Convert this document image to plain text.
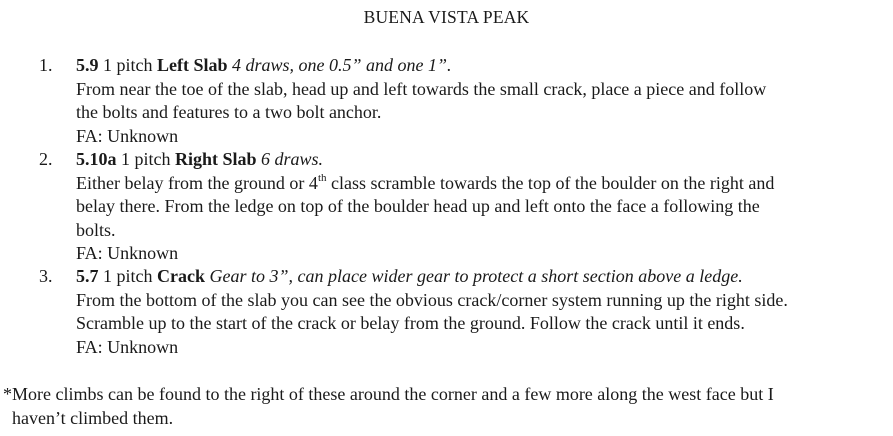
BUENA VISTA PEAK
1. 5.9 1 pitch Left Slab 4 draws, one 0.5” and one 1”.
From near the toe of the slab, head up and left towards the small crack, place a piece and follow
the bolts and features to a two bolt anchor.
FA: Unknown
2. 5.10a 1 pitch Right Slab 6 draws.
Either belay from the ground or 4th class scramble towards the top of the boulder on the right and
belay there. From the ledge on top of the boulder head up and left onto the face a following the
bolts.
FA: Unknown
3. 5.7 1 pitch Crack Gear to 3”, can place wider gear to protect a short section above a ledge.
From the bottom of the slab you can see the obvious crack/corner system running up the right side.
Scramble up to the start of the crack or belay from the ground. Follow the crack until it ends.
FA: Unknown
*More climbs can be found to the right of these around the corner and a few more along the west face but I
haven’t climbed them.
